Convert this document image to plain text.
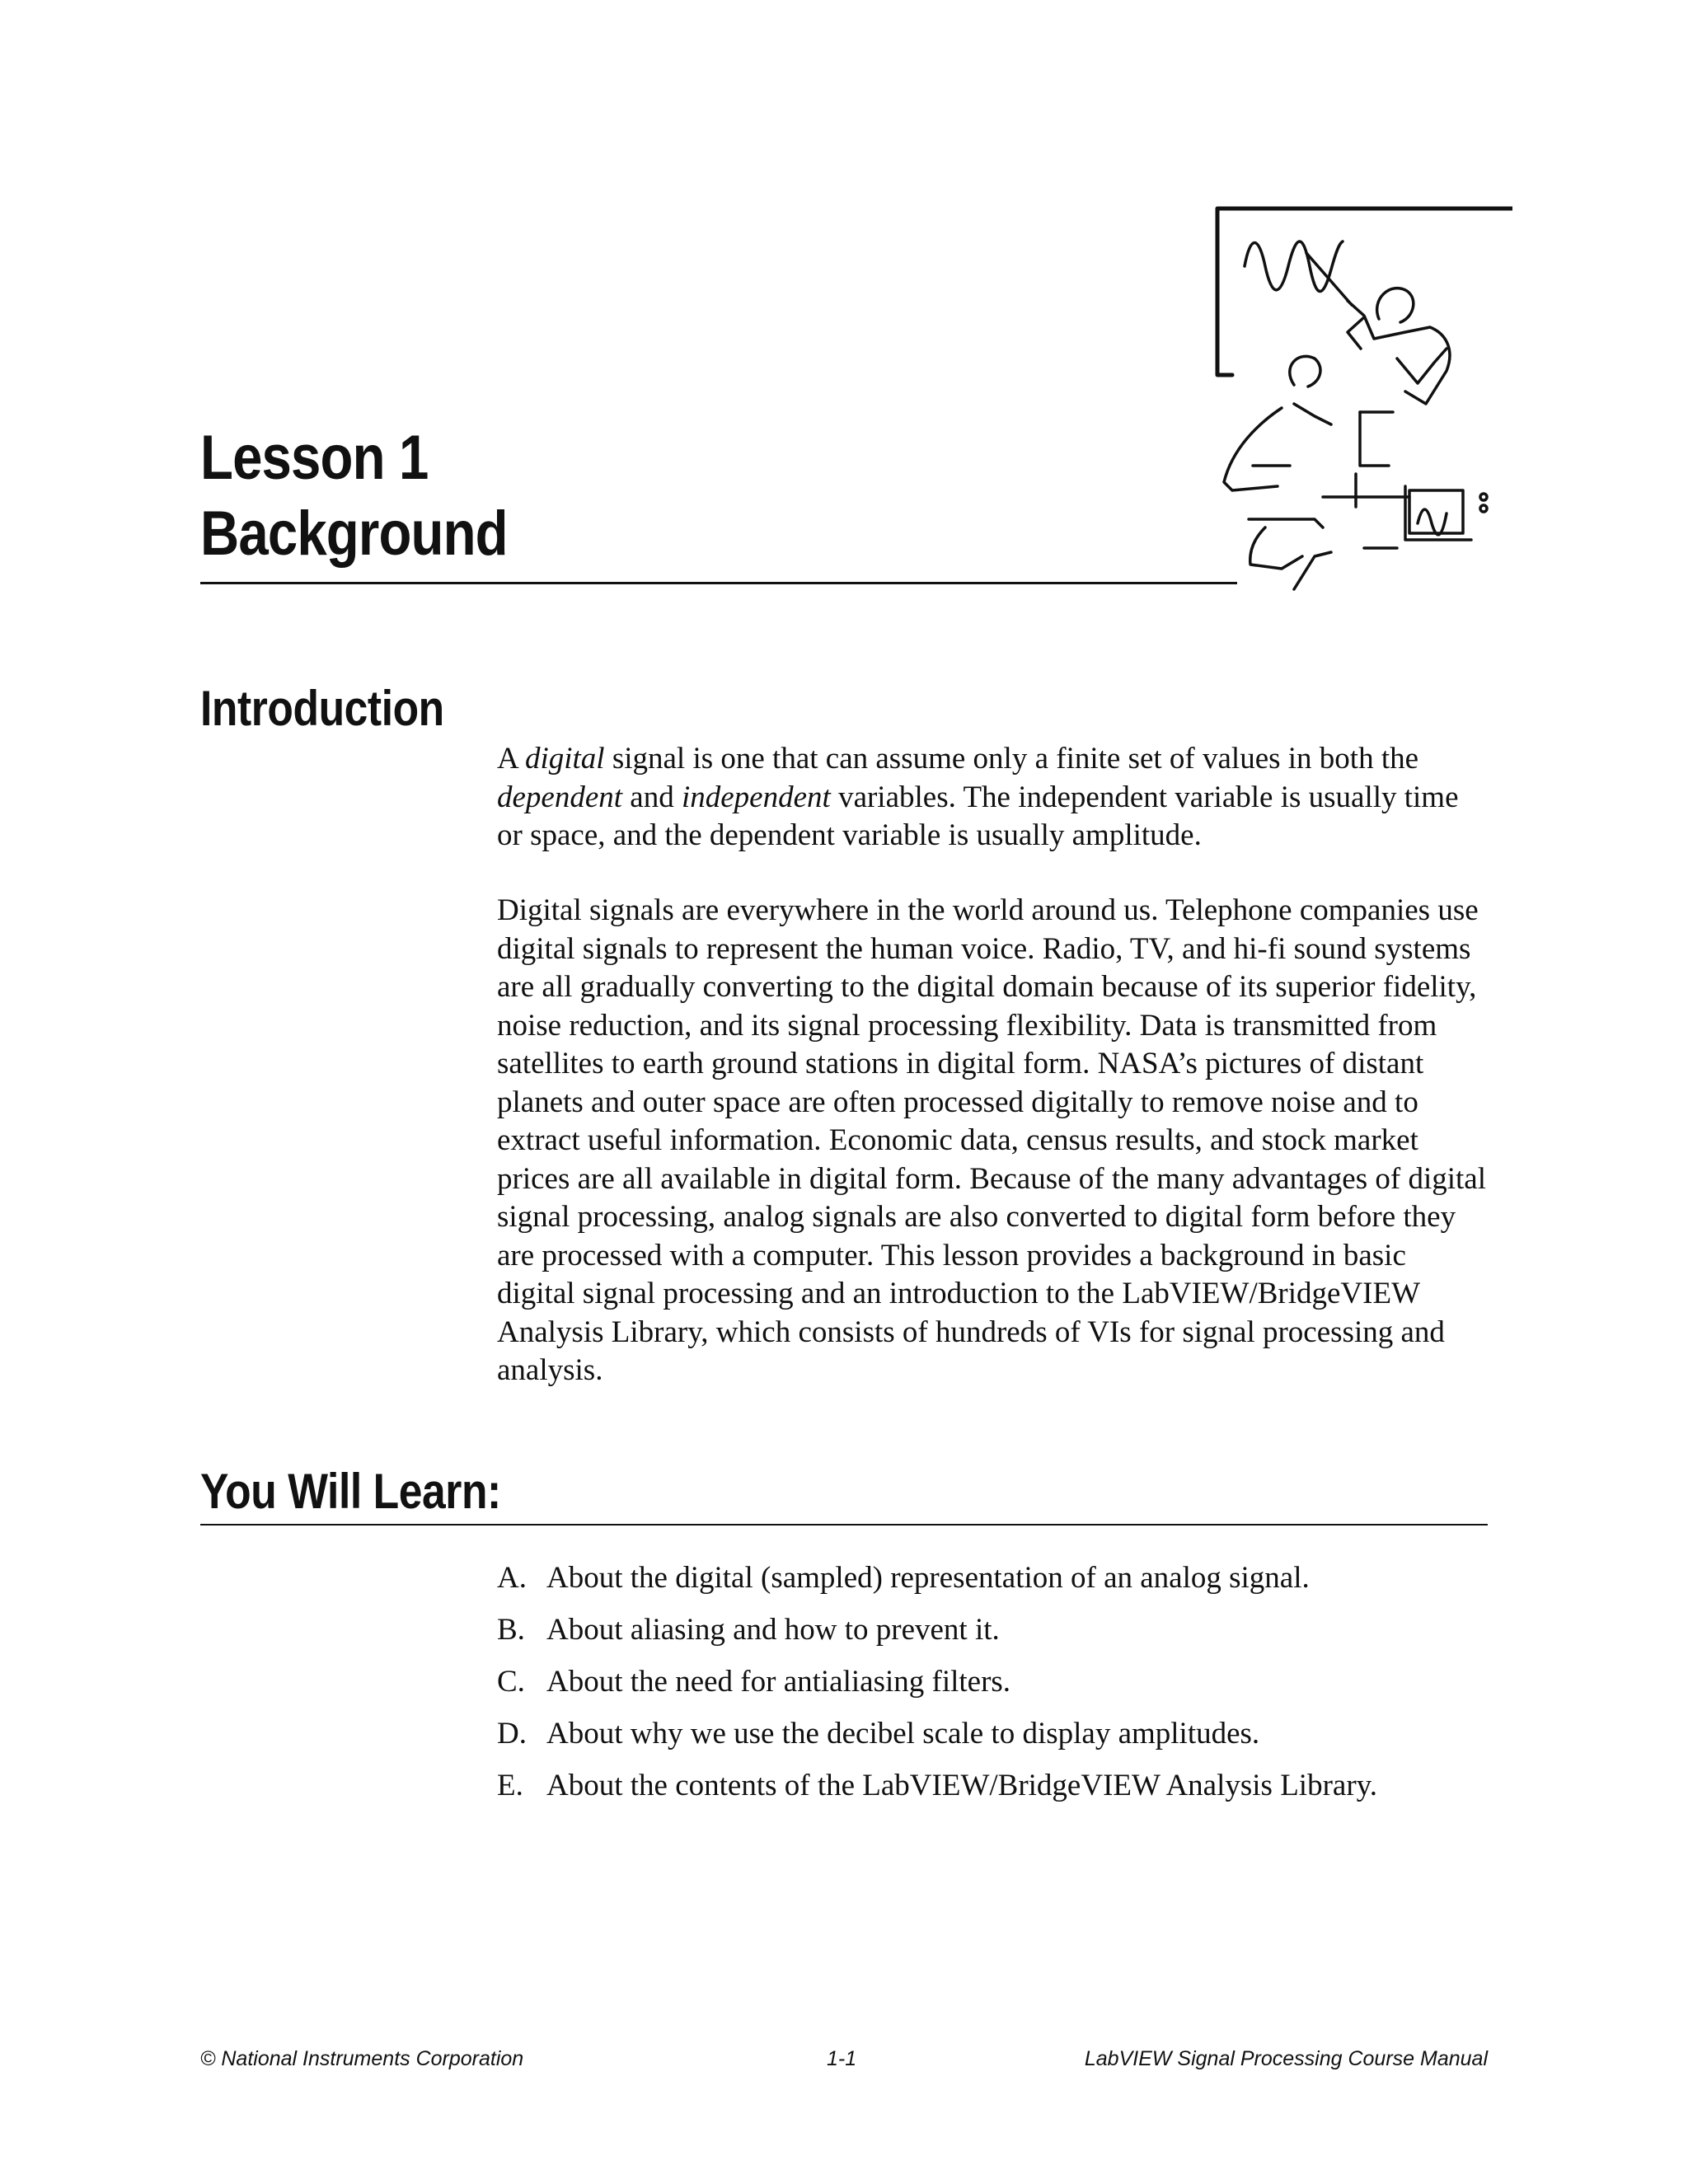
Lesson 1
Background
Introduction

A digital signal is one that can assume only a finite set of values in both the dependent and independent variables. The independent variable is usually time or space, and the dependent variable is usually amplitude.

Digital signals are everywhere in the world around us. Telephone companies use digital signals to represent the human voice. Radio, TV, and hi-fi sound systems are all gradually converting to the digital domain because of its superior fidelity, noise reduction, and its signal processing flexibility. Data is transmitted from satellites to earth ground stations in digital form. NASA’s pictures of distant planets and outer space are often processed digitally to remove noise and to extract useful information. Economic data, census results, and stock market prices are all available in digital form. Because of the many advantages of digital signal processing, analog signals are also converted to digital form before they are processed with a computer. This lesson provides a background in basic digital signal processing and an introduction to the LabVIEW/BridgeVIEW Analysis Library, which consists of hundreds of VIs for signal processing and analysis.

You Will Learn:
A. About the digital (sampled) representation of an analog signal.
B. About aliasing and how to prevent it.
C. About the need for antialiasing filters.
D. About why we use the decibel scale to display amplitudes.
E. About the contents of the LabVIEW/BridgeVIEW Analysis Library.
© National Instruments Corporation	1-1	LabVIEW Signal Processing Course Manual
